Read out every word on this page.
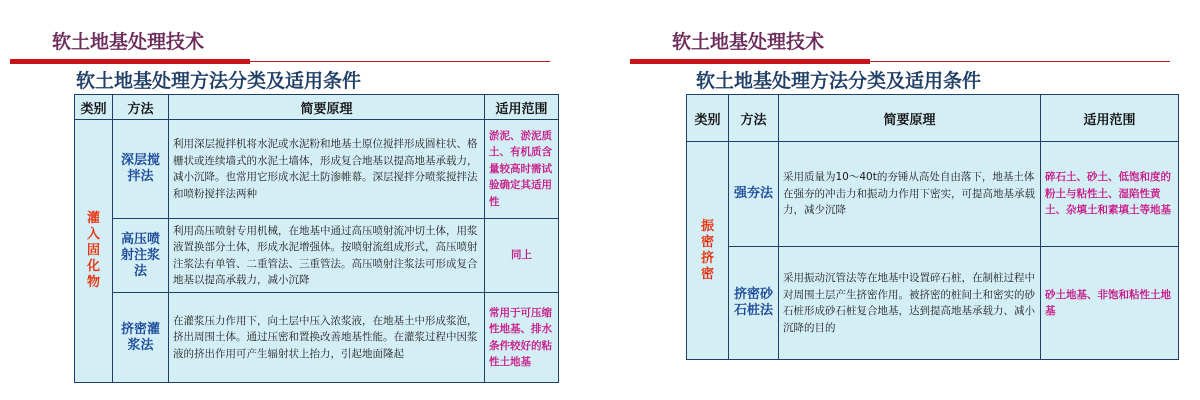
软土地基处理技术
软土地基处理方法分类及适用条件
类别	方法	简要原理	适用范围
灌入固化物	深层搅拌法	利用深层搅拌机将水泥或水泥粉和地基土原位搅拌形成圆柱状、格栅状或连续墙式的水泥土墙体，形成复合地基以提高地基承载力，减小沉降。也常用它形成水泥土防渗帷幕。深层搅拌分喷浆搅拌法和喷粉搅拌法两种	淤泥、淤泥质土、有机质含量较高时需试验确定其适用性
	高压喷射注浆法	利用高压喷射专用机械，在地基中通过高压喷射流冲切土体，用浆液置换部分土体，形成水泥增强体。按喷射流组成形式，高压喷射注浆法有单管、二重管法、三重管法。高压喷射注浆法可形成复合地基以提高承载力，减小沉降	同上
	挤密灌浆法	在灌浆压力作用下，向土层中压入浓浆液，在地基土中形成浆泡，挤出周围土体。通过压密和置换改善地基性能。在灌浆过程中因浆液的挤出作用可产生辐射状上抬力，引起地面隆起	常用于可压缩性地基、排水条件较好的粘性土地基
软土地基处理技术
软土地基处理方法分类及适用条件
类别	方法	简要原理	适用范围
振密挤密	强夯法	采用质量为10～40t的夯锤从高处自由落下，地基土体在强夯的冲击力和振动力作用下密实，可提高地基承载力，减少沉降	碎石土、砂土、低饱和度的粉土与粘性土、湿陷性黄土、杂填土和素填土等地基
	挤密砂石桩法	采用振动沉管法等在地基中设置碎石桩，在制桩过程中对周围土层产生挤密作用。被挤密的桩间土和密实的砂石桩形成砂石桩复合地基，达到提高地基承载力、减小沉降的目的	砂土地基、非饱和粘性土地基
